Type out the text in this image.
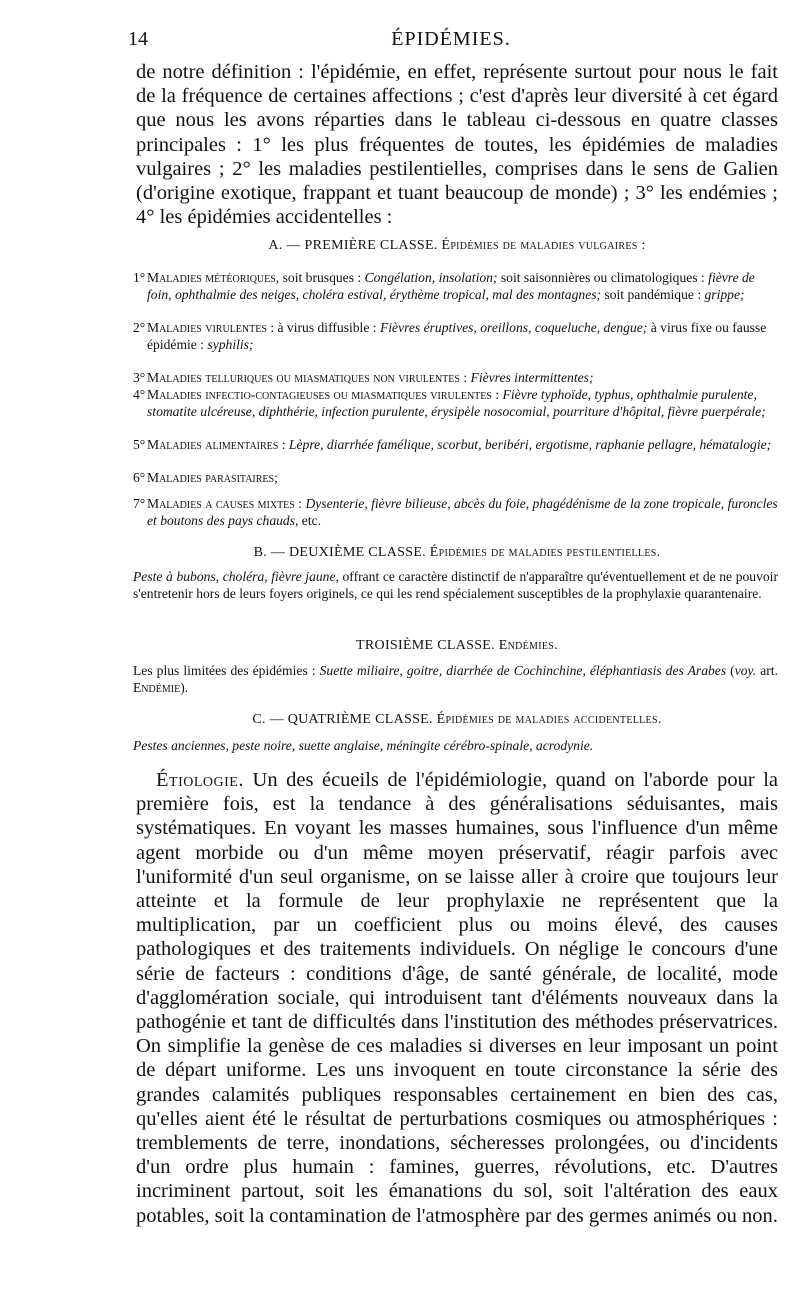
14	ÉPIDÉMIES.
de notre définition : l'épidémie, en effet, représente surtout pour nous le fait de la fréquence de certaines affections ; c'est d'après leur diversité à cet égard que nous les avons réparties dans le tableau ci-dessous en quatre classes principales : 1° les plus fréquentes de toutes, les épidémies de maladies vulgaires ; 2° les maladies pestilentielles, comprises dans le sens de Galien (d'origine exotique, frappant et tuant beaucoup de monde) ; 3° les endémies ; 4° les épidémies accidentelles :
A. — PREMIÈRE CLASSE. Épidémies de maladies vulgaires :
1° Maladies météoriques, soit brusques : Congélation, insolation; soit saisonnières ou climatologiques : fièvre de foin, ophthalmie des neiges, choléra estival, érythème tropical, mal des montagnes; soit pandémique : grippe;
2° Maladies virulentes : à virus diffusible : Fièvres éruptives, oreillons, coqueluche, dengue; à virus fixe ou fausse épidémie : syphilis;
3° Maladies telluriques ou miasmatiques non virulentes : Fièvres intermittentes;
4° Maladies infectio-contagieuses ou miasmatiques virulentes : Fièvre typhoïde, typhus, ophthalmie purulente, stomatite ulcéreuse, diphthérie, infection purulente, érysipèle nosocomial, pourriture d'hôpital, fièvre puerpérale;
5° Maladies alimentaires : Lèpre, diarrhée famélique, scorbut, beribéri, ergotisme, raphanie pellagre, hématalogie;
6° Maladies parasitaires;
7° Maladies a causes mixtes : Dysenterie, fièvre bilieuse, abcès du foie, phagédénisme de la zone tropicale, furoncles et boutons des pays chauds, etc.
B. — DEUXIÈME CLASSE. Épidémies de maladies pestilentielles.
Peste à bubons, choléra, fièvre jaune, offrant ce caractère distinctif de n'apparaître qu'éventuellement et de ne pouvoir s'entretenir hors de leurs foyers originels, ce qui les rend spécialement susceptibles de la prophylaxie quarantenaire.
TROISIÈME CLASSE. Endémies.
Les plus limitées des épidémies : Suette miliaire, goitre, diarrhée de Cochinchine, éléphantiasis des Arabes (voy. art. Endémie).
C. — QUATRIÈME CLASSE. Épidémies de maladies accidentelles.
Pestes anciennes, peste noire, suette anglaise, méningite cérébro-spinale, acrodynie.
Étiologie. Un des écueils de l'épidémiologie, quand on l'aborde pour la première fois, est la tendance à des généralisations séduisantes, mais systématiques. En voyant les masses humaines, sous l'influence d'un même agent morbide ou d'un même moyen préservatif, réagir parfois avec l'uniformité d'un seul organisme, on se laisse aller à croire que toujours leur atteinte et la formule de leur prophylaxie ne représentent que la multiplication, par un coefficient plus ou moins élevé, des causes pathologiques et des traitements individuels. On néglige le concours d'une série de facteurs : conditions d'âge, de santé générale, de localité, mode d'agglomération sociale, qui introduisent tant d'éléments nouveaux dans la pathogénie et tant de difficultés dans l'institution des méthodes préservatrices. On simplifie la genèse de ces maladies si diverses en leur imposant un point de départ uniforme. Les uns invoquent en toute circonstance la série des grandes calamités publiques responsables certainement en bien des cas, qu'elles aient été le résultat de perturbations cosmiques ou atmosphériques : tremblements de terre, inondations, sécheresses prolongées, ou d'incidents d'un ordre plus humain : famines, guerres, révolutions, etc. D'autres incriminent partout, soit les émanations du sol, soit l'altération des eaux potables, soit la contamination de l'atmosphère par des germes animés ou non.
